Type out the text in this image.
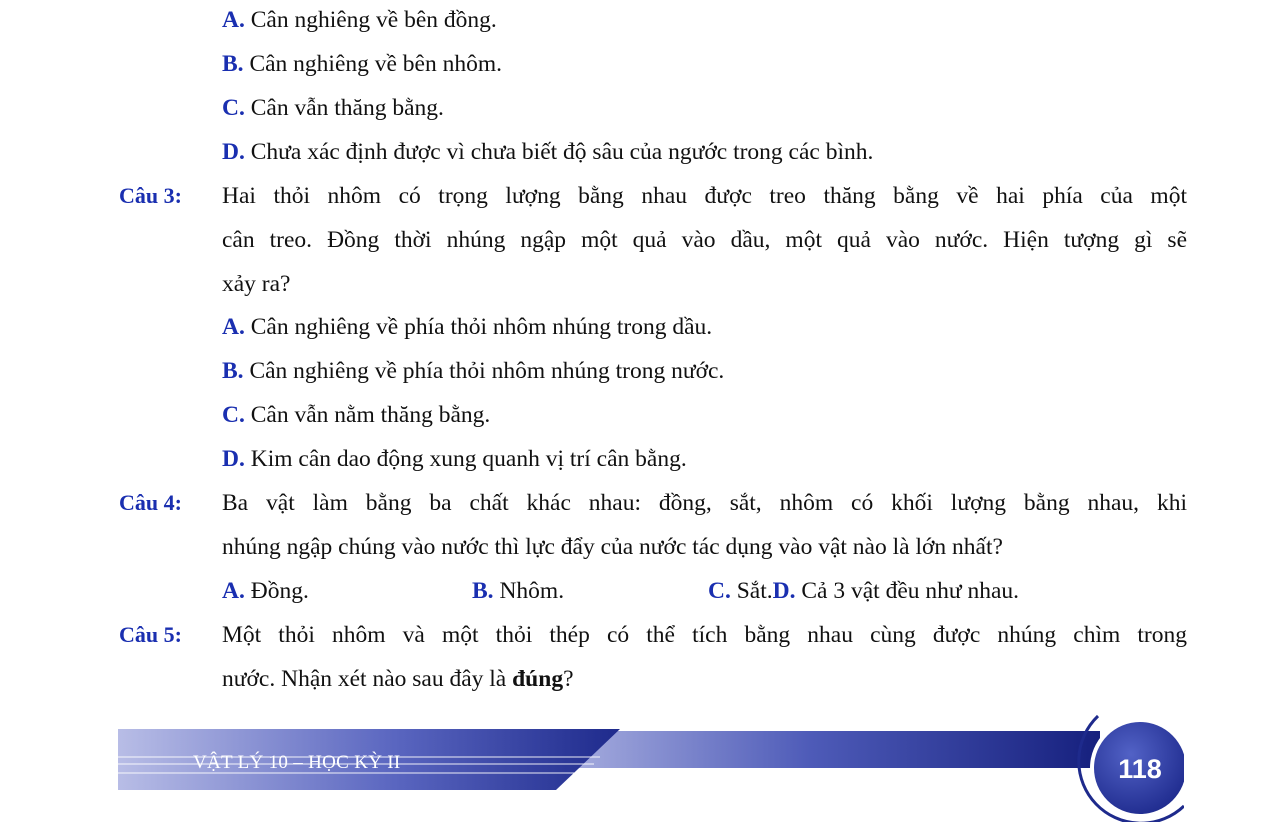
A. Cân nghiêng về bên đồng.
B. Cân nghiêng về bên nhôm.
C. Cân vẫn thăng bằng.
D. Chưa xác định được vì chưa biết độ sâu của ngước trong các bình.
Câu 3: Hai thỏi nhôm có trọng lượng bằng nhau được treo thăng bằng về hai phía của một
cân treo. Đồng thời nhúng ngập một quả vào dầu, một quả vào nước. Hiện tượng gì sẽ
xảy ra?
A. Cân nghiêng về phía thỏi nhôm nhúng trong dầu.
B. Cân nghiêng về phía thỏi nhôm nhúng trong nước.
C. Cân vẫn nằm thăng bằng.
D. Kim cân dao động xung quanh vị trí cân bằng.
Câu 4: Ba vật làm bằng ba chất khác nhau: đồng, sắt, nhôm có khối lượng bằng nhau, khi
nhúng ngập chúng vào nước thì lực đẩy của nước tác dụng vào vật nào là lớn nhất?
A. Đồng.	B. Nhôm.	C. Sắt.D. Cả 3 vật đều như nhau.
Câu 5: Một thỏi nhôm và một thỏi thép có thể tích bằng nhau cùng được nhúng chìm trong
nước. Nhận xét nào sau đây là đúng?
VẬT LÝ 10 – HỌC KỲ II	118
